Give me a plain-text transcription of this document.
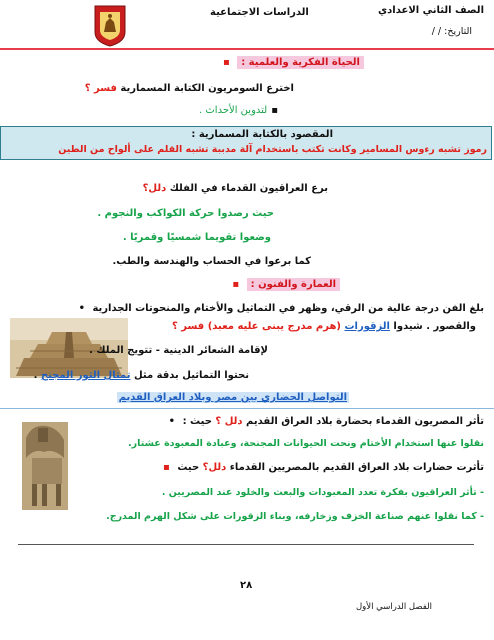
الصف الثاني الاعدادي
الدراسات الاجتماعية
التاريخ: / /
الحياة الفكرية والعلمية : ▪
اخترع السومريون الكتابة المسمارية فسر ؟
▪لتدوين الأحداث .
المقصود بالكتابة المسمارية :
رموز تشبه رءوس المسامير وكانت تكتب باستخدام آلة مدببة تشبه القلم على ألواح من الطين
برع العراقيون القدماء في الفلك دلل؟
حيث رصدوا حركة الكواكب والنجوم .
وضعوا تقويما شمسيًا وقمريًا .
كما برعوا في الحساب والهندسة والطب.
العمارة والفنون : ▪
بلغ الفن درجة عالية من الرقي، وظهر في التماثيل والأختام والمنحوتات الجدارية •
والقصور . شيدوا الزقورات (هرم مدرج يبنى عليه معبد) فسر ؟
لإقامة الشعائر الدينية - تتويج الملك .
نحتوا التماثيل بدقة مثل تمثال الثور المجنح .
التواصل الحضاري بين مصر وبلاد العراق القديم
تأثر المصريون القدماء بحضارة بلاد العراق القديم دلل ؟ حيث : •
نقلوا عنها استخدام الأختام ونحت الحيوانات المجنحة، وعبادة المعبودة عشتار.
تأثرت حضارات بلاد العراق القديم بالمصريين القدماء دلل؟ حيث ▪
- تأثر العراقيون بفكرة تعدد المعبودات والبعث والخلود عند المصريين .
- كما نقلوا عنهم صناعة الخزف وزخارفه، وبناء الزقورات على شكل الهرم المدرج.
٢٨
الفصل الدراسي الأول
